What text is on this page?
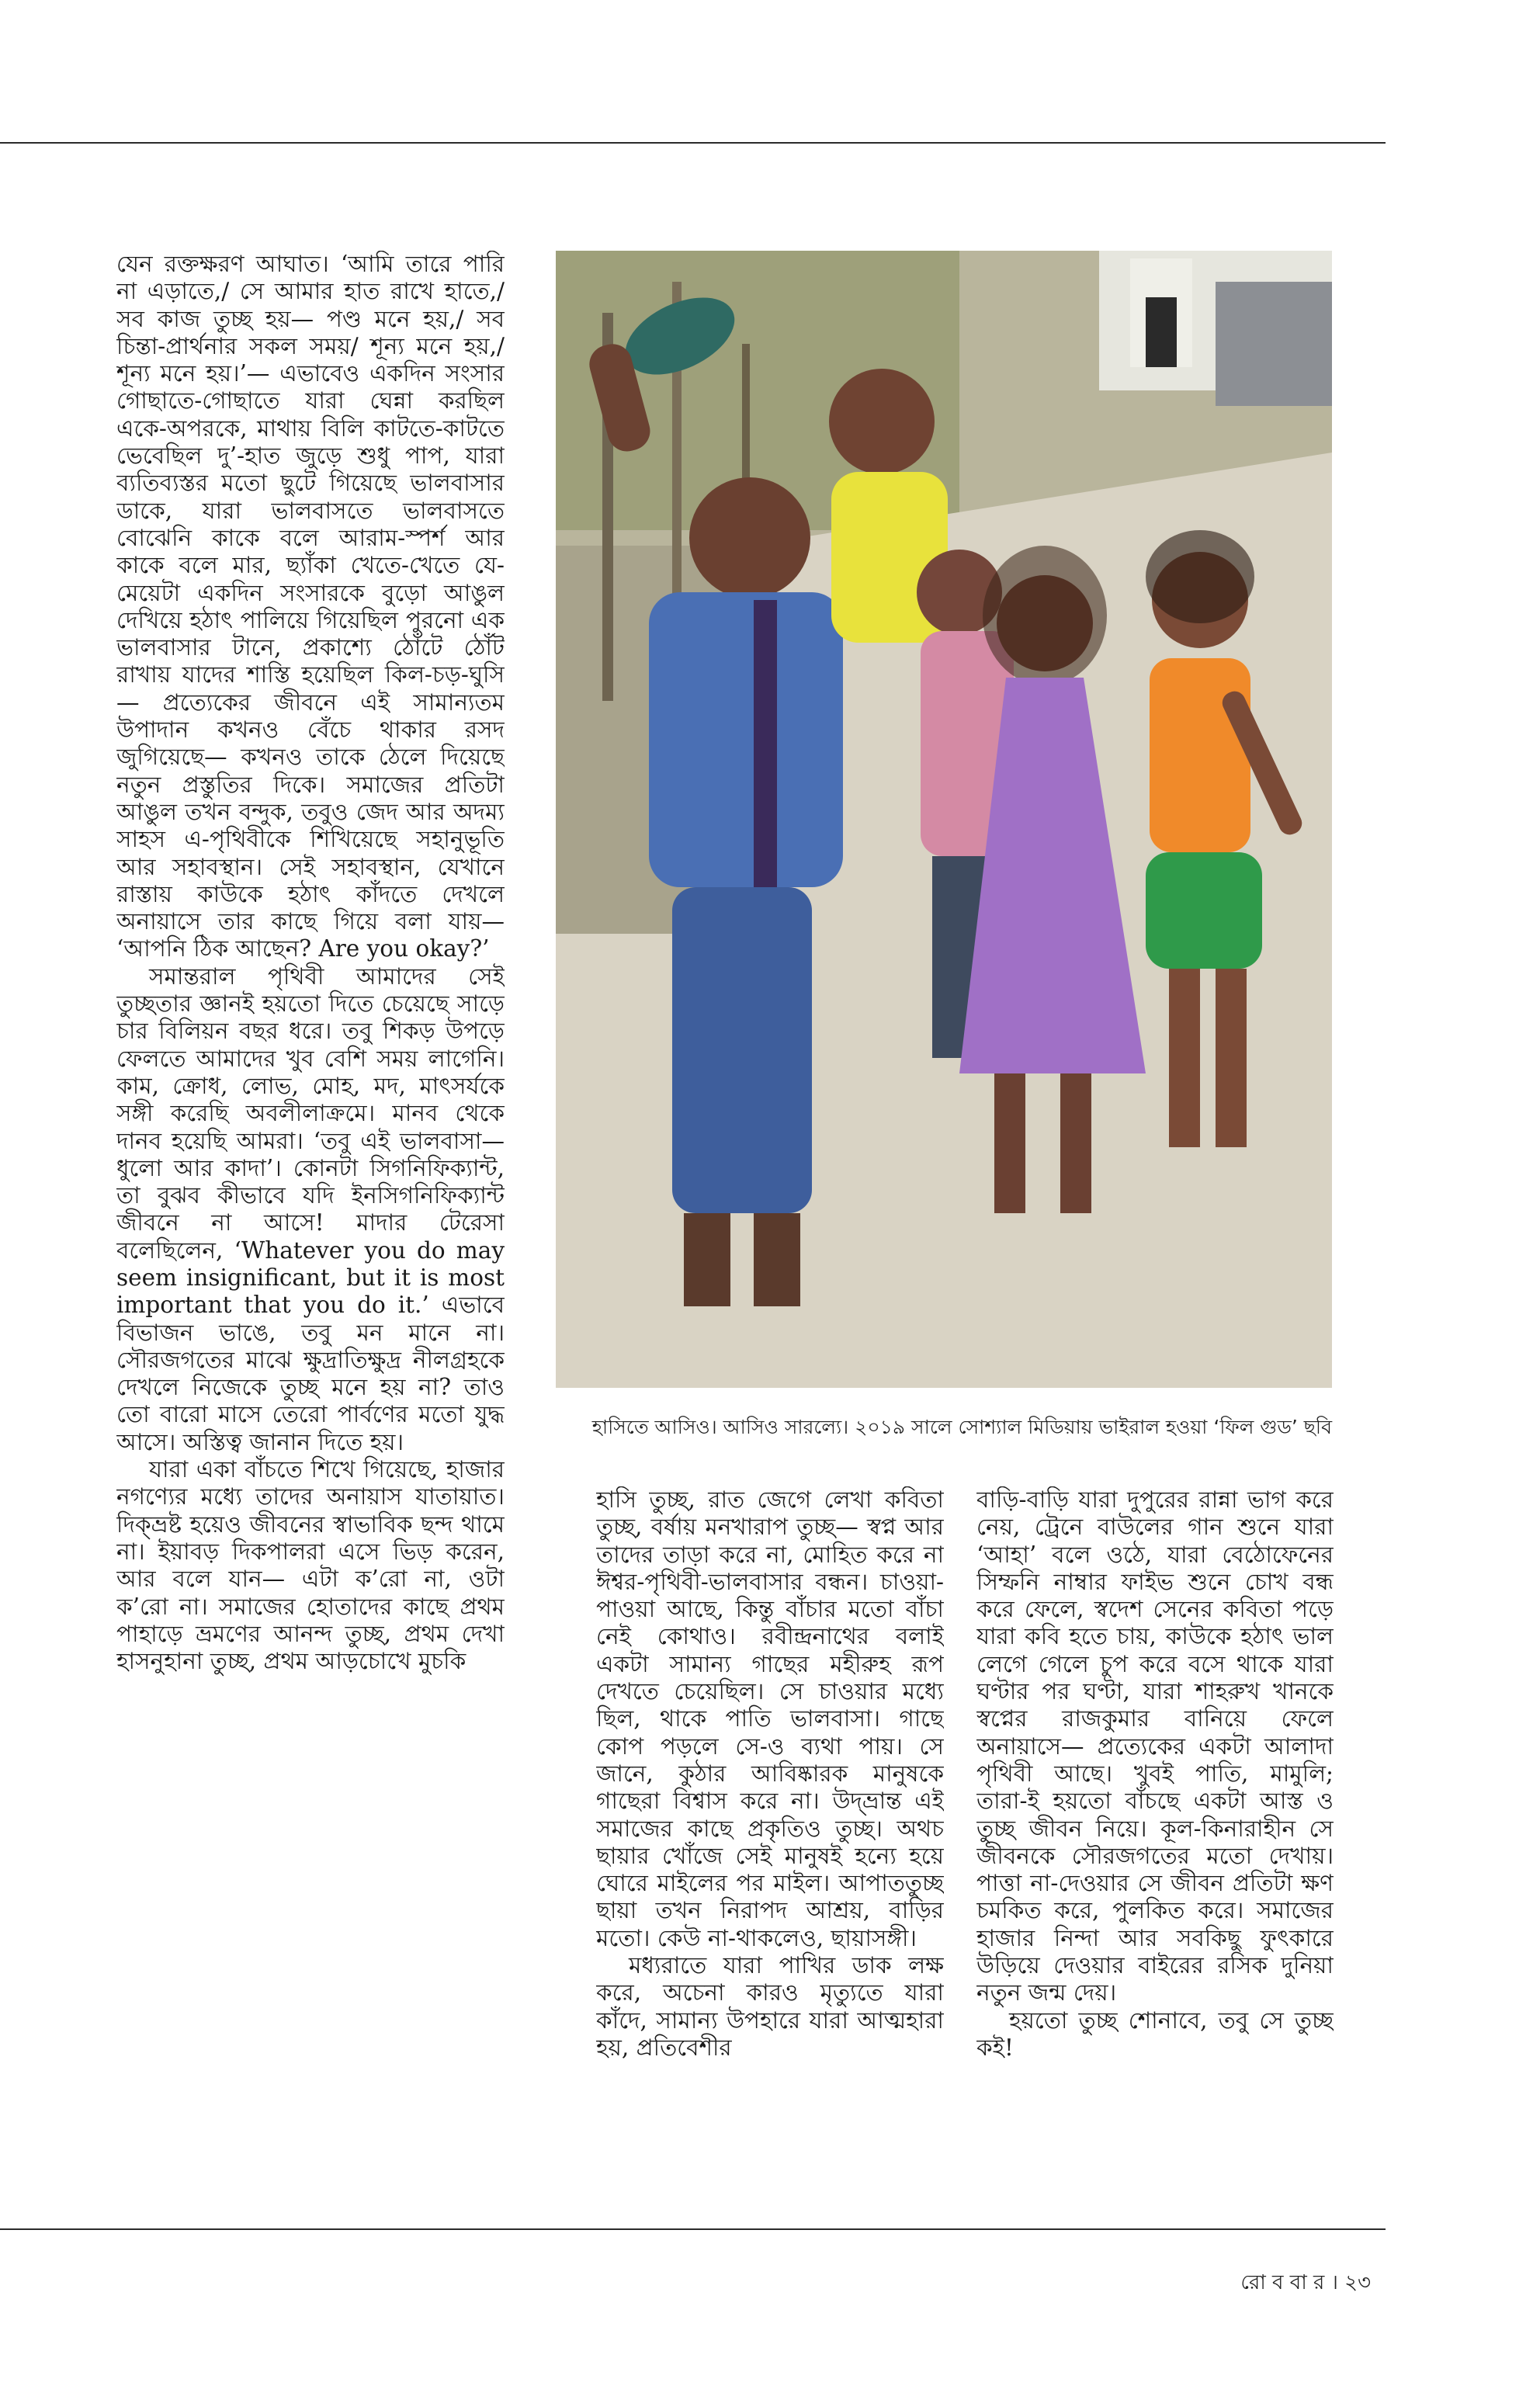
যেন রক্তক্ষরণ আঘাত। ‘আমি তারে পারি না এড়াতে,/ সে আমার হাত রাখে হাতে,/ সব কাজ তুচ্ছ হয়— পণ্ড মনে হয়,/ সব চিন্তা-প্রার্থনার সকল সময়/ শূন্য মনে হয়,/ শূন্য মনে হয়।’— এভাবেও একদিন সংসার গোছাতে-গোছাতে যারা ঘেন্না করছিল একে-অপরকে, মাথায় বিলি কাটতে-কাটতে ভেবেছিল দু’-হাত জুড়ে শুধু পাপ, যারা ব্যতিব্যস্তর মতো ছুটে গিয়েছে ভালবাসার ডাকে, যারা ভালবাসতে ভালবাসতে বোঝেনি কাকে বলে আরাম-স্পর্শ আর কাকে বলে মার, ছ্যাঁকা খেতে-খেতে যে-মেয়েটা একদিন সংসারকে বুড়ো আঙুল দেখিয়ে হঠাৎ পালিয়ে গিয়েছিল পুরনো এক ভালবাসার টানে, প্রকাশ্যে ঠোঁটে ঠোঁট রাখায় যাদের শাস্তি হয়েছিল কিল-চড়-ঘুসি— প্রত্যেকের জীবনে এই সামান্যতম উপাদান কখনও বেঁচে থাকার রসদ জুগিয়েছে— কখনও তাকে ঠেলে দিয়েছে নতুন প্রস্তুতির দিকে। সমাজের প্রতিটা আঙুল তখন বন্দুক, তবুও জেদ আর অদম্য সাহস এ-পৃথিবীকে শিখিয়েছে সহানুভূতি আর সহাবস্থান। সেই সহাবস্থান, যেখানে রাস্তায় কাউকে হঠাৎ কাঁদতে দেখলে অনায়াসে তার কাছে গিয়ে বলা যায়— ‘আপনি ঠিক আছেন? Are you okay?’

সমান্তরাল পৃথিবী আমাদের সেই তুচ্ছতার জ্ঞানই হয়তো দিতে চেয়েছে সাড়ে চার বিলিয়ন বছর ধরে। তবু শিকড় উপড়ে ফেলতে আমাদের খুব বেশি সময় লাগেনি। কাম, ক্রোধ, লোভ, মোহ, মদ, মাৎসর্যকে সঙ্গী করেছি অবলীলাক্রমে। মানব থেকে দানব হয়েছি আমরা। ‘তবু এই ভালবাসা— ধুলো আর কাদা’। কোনটা সিগনিফিক্যান্ট, তা বুঝব কীভাবে যদি ইনসিগনিফিক্যান্ট জীবনে না আসে! মাদার টেরেসা বলেছিলেন, ‘Whatever you do may seem insignificant, but it is most important that you do it.’ এভাবে বিভাজন ভাঙে, তবু মন মানে না। সৌরজগতের মাঝে ক্ষুদ্রাতিক্ষুদ্র নীলগ্রহকে দেখলে নিজেকে তুচ্ছ মনে হয় না? তাও তো বারো মাসে তেরো পার্বণের মতো যুদ্ধ আসে। অস্তিত্ব জানান দিতে হয়।

যারা একা বাঁচতে শিখে গিয়েছে, হাজার নগণ্যের মধ্যে তাদের অনায়াস যাতায়াত। দিক্‌ভ্রষ্ট হয়েও জীবনের স্বাভাবিক ছন্দ থামে না। ইয়াবড় দিকপালরা এসে ভিড় করেন, আর বলে যান— এটা ক’রো না, ওটা ক’রো না। সমাজের হোতাদের কাছে প্রথম পাহাড়ে ভ্রমণের আনন্দ তুচ্ছ, প্রথম দেখা হাসনুহানা তুচ্ছ, প্রথম আড়চোখে মুচকি

হাসিতে আসিও। আসিও সারল্যে। ২০১৯ সালে সোশ্যাল মিডিয়ায় ভাইরাল হওয়া ‘ফিল গুড’ ছবি

হাসি তুচ্ছ, রাত জেগে লেখা কবিতা তুচ্ছ, বর্ষায় মনখারাপ তুচ্ছ— স্বপ্ন আর তাদের তাড়া করে না, মোহিত করে না ঈশ্বর-পৃথিবী-ভালবাসার বন্ধন। চাওয়া-পাওয়া আছে, কিন্তু বাঁচার মতো বাঁচা নেই কোথাও। রবীন্দ্রনাথের বলাই একটা সামান্য গাছের মহীরুহ রূপ দেখতে চেয়েছিল। সে চাওয়ার মধ্যে ছিল, থাকে পাতি ভালবাসা। গাছে কোপ পড়লে সে-ও ব্যথা পায়। সে জানে, কুঠার আবিষ্কারক মানুষকে গাছেরা বিশ্বাস করে না। উদ্‌ভ্রান্ত এই সমাজের কাছে প্রকৃতিও তুচ্ছ। অথচ ছায়ার খোঁজে সেই মানুষই হন্যে হয়ে ঘোরে মাইলের পর মাইল। আপাততুচ্ছ ছায়া তখন নিরাপদ আশ্রয়, বাড়ির মতো। কেউ না-থাকলেও, ছায়াসঙ্গী।

মধ্যরাতে যারা পাখির ডাক লক্ষ করে, অচেনা কারও মৃত্যুতে যারা কাঁদে, সামান্য উপহারে যারা আত্মহারা হয়, প্রতিবেশীর

বাড়ি-বাড়ি যারা দুপুরের রান্না ভাগ করে নেয়, ট্রেনে বাউলের গান শুনে যারা ‘আহা’ বলে ওঠে, যারা বেঠোফেনের সিম্ফনি নাম্বার ফাইভ শুনে চোখ বন্ধ করে ফেলে, স্বদেশ সেনের কবিতা পড়ে যারা কবি হতে চায়, কাউকে হঠাৎ ভাল লেগে গেলে চুপ করে বসে থাকে যারা ঘণ্টার পর ঘণ্টা, যারা শাহরুখ খানকে স্বপ্নের রাজকুমার বানিয়ে ফেলে অনায়াসে— প্রত্যেকের একটা আলাদা পৃথিবী আছে। খুবই পাতি, মামুলি; তারা-ই হয়তো বাঁচছে একটা আস্ত ও তুচ্ছ জীবন নিয়ে। কূল-কিনারাহীন সে জীবনকে সৌরজগতের মতো দেখায়। পাত্তা না-দেওয়ার সে জীবন প্রতিটা ক্ষণ চমকিত করে, পুলকিত করে। সমাজের হাজার নিন্দা আর সবকিছু ফুৎকারে উড়িয়ে দেওয়ার বাইরের রসিক দুনিয়া নতুন জন্ম দেয়।

হয়তো তুচ্ছ শোনাবে, তবু সে তুচ্ছ কই!

রো ব বা র । ২৩
